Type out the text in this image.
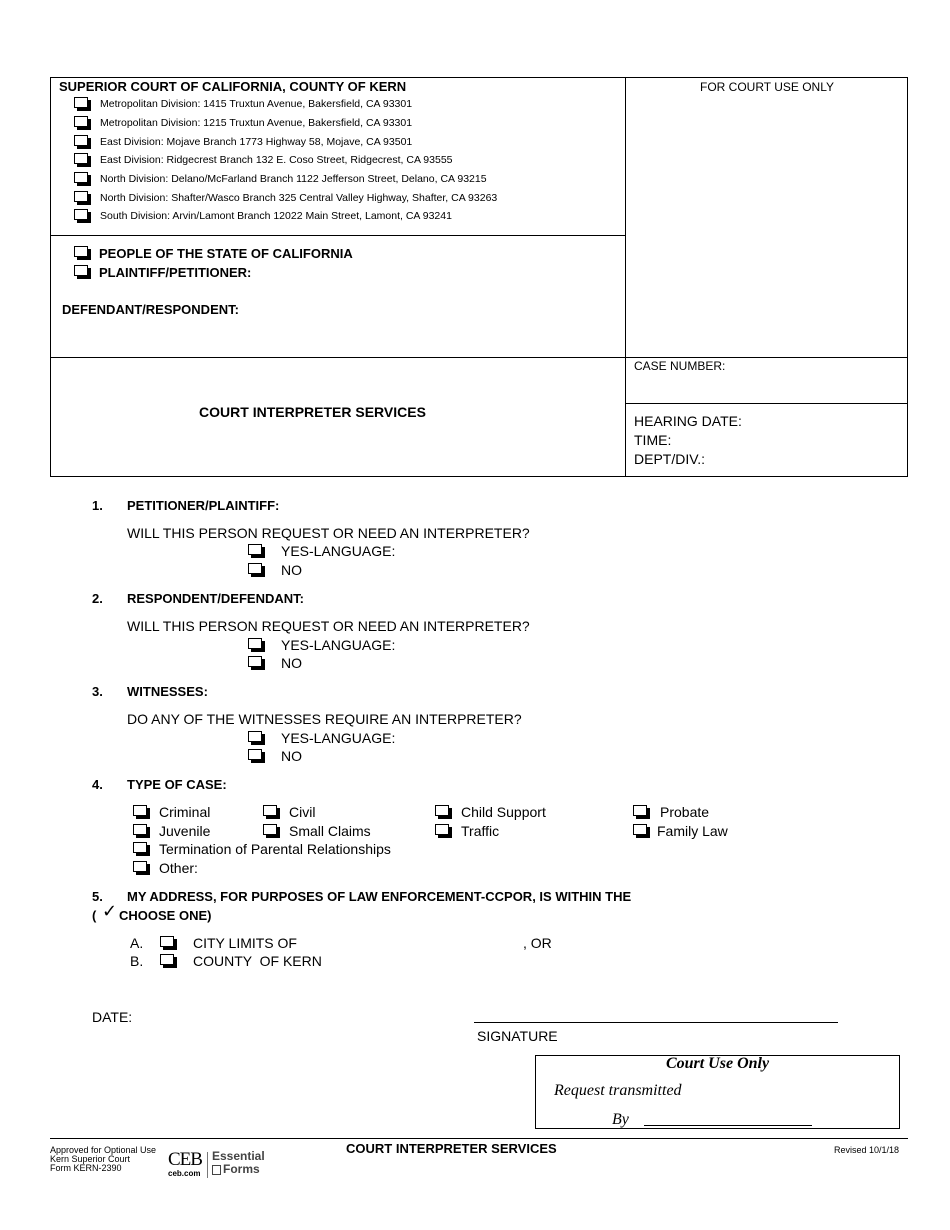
SUPERIOR COURT OF CALIFORNIA, COUNTY OF KERN	FOR COURT USE ONLY
Metropolitan Division: 1415 Truxtun Avenue, Bakersfield, CA 93301
Metropolitan Division: 1215 Truxtun Avenue, Bakersfield, CA 93301
East Division: Mojave Branch 1773 Highway 58, Mojave, CA 93501
East Division: Ridgecrest Branch 132 E. Coso Street, Ridgecrest, CA 93555
North Division: Delano/McFarland Branch 1122 Jefferson Street, Delano, CA 93215
North Division: Shafter/Wasco Branch 325 Central Valley Highway, Shafter, CA 93263
South Division: Arvin/Lamont Branch 12022 Main Street, Lamont, CA 93241
PEOPLE OF THE STATE OF CALIFORNIA
PLAINTIFF/PETITIONER:
DEFENDANT/RESPONDENT:
COURT INTERPRETER SERVICES
CASE NUMBER:
HEARING DATE:
TIME:
DEPT/DIV.:
1. PETITIONER/PLAINTIFF:
WILL THIS PERSON REQUEST OR NEED AN INTERPRETER?
YES-LANGUAGE:
NO
2. RESPONDENT/DEFENDANT:
WILL THIS PERSON REQUEST OR NEED AN INTERPRETER?
YES-LANGUAGE:
NO
3. WITNESSES:
DO ANY OF THE WITNESSES REQUIRE AN INTERPRETER?
YES-LANGUAGE:
NO
4. TYPE OF CASE:
Criminal	Civil	Child Support	Probate
Juvenile	Small Claims	Traffic	Family Law
Termination of Parental Relationships
Other:
5. MY ADDRESS, FOR PURPOSES OF LAW ENFORCEMENT-CCPOR, IS WITHIN THE
( ✓ CHOOSE ONE)
A.	CITY LIMITS OF	, OR
B.	COUNTY  OF KERN
DATE:
SIGNATURE
Court Use Only
Request transmitted
By
Approved for Optional Use
Kern Superior Court
Form KERN-2390 CEB
ceb.com
Essential
Forms
COURT INTERPRETER SERVICES	Revised 10/1/18
